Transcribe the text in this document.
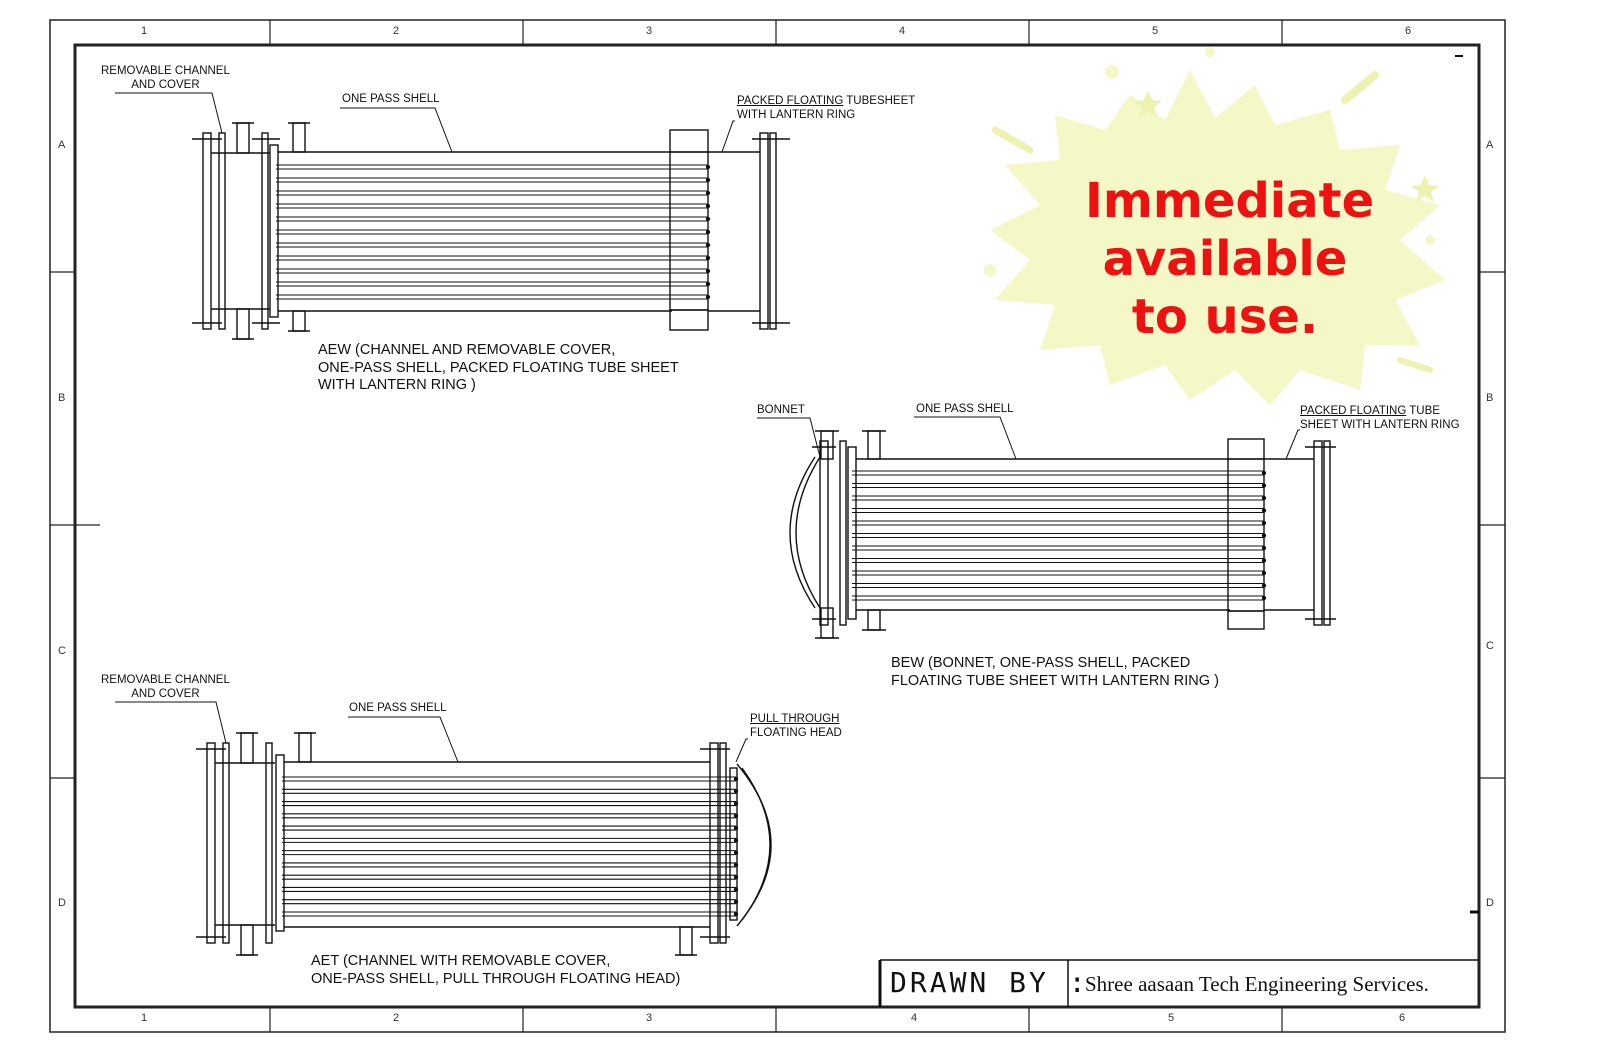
1	2	3	4	5	6
1	2	3	4	5	6
A
B
C
D
A
B
C
D
Immediate
available
to use.
REMOVABLE CHANNEL
AND COVER
ONE PASS SHELL	PACKED FLOATING TUBESHEET
WITH LANTERN RING
AEW (CHANNEL AND REMOVABLE COVER,
ONE-PASS SHELL, PACKED FLOATING TUBE SHEET
WITH LANTERN RING )
BONNET	ONE PASS SHELL	PACKED FLOATING TUBE
SHEET WITH LANTERN RING
BEW (BONNET, ONE-PASS SHELL, PACKED
FLOATING TUBE SHEET WITH LANTERN RING )
REMOVABLE CHANNEL
AND COVER
ONE PASS SHELL
PULL THROUGH
FLOATING HEAD
AET (CHANNEL WITH REMOVABLE COVER,
ONE-PASS SHELL, PULL THROUGH FLOATING HEAD)	DRAWN BY :
Shree aasaan Tech Engineering Services.
